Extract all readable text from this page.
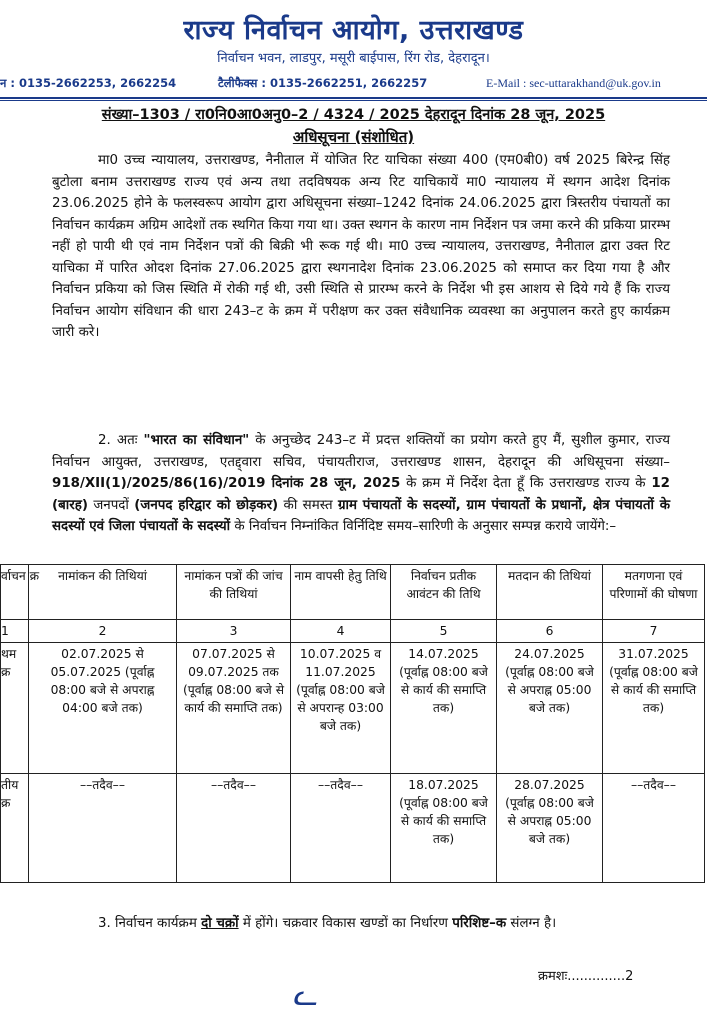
राज्य निर्वाचन आयोग, उत्तराखण्ड
निर्वाचन भवन, लाडपुर, मसूरी बाईपास, रिंग रोड, देहरादून।
न : 0135-2662253, 2662254	टैलीफैक्स : 0135-2662251, 2662257	E-Mail : sec-uttarakhand@uk.gov.in
संख्या–1303 / रा0नि0आ0अनु0–2 / 4324 / 2025 देहरादून दिनांक 28 जून, 2025
अधिसूचना (संशोधित)
मा0 उच्च न्यायालय, उत्तराखण्ड, नैनीताल में योजित रिट याचिका संख्या 400 (एम0बी0) वर्ष 2025 बिरेन्द्र सिंह बुटोला बनाम उत्तराखण्ड राज्य एवं अन्य तथा तदविषयक अन्य रिट याचिकायें मा0 न्यायालय में स्थगन आदेश दिनांक 23.06.2025 होने के फलस्वरूप आयोग द्वारा अधिसूचना संख्या–1242 दिनांक 24.06.2025 द्वारा त्रिस्तरीय पंचायतों का निर्वाचन कार्यक्रम अग्रिम आदेशों तक स्थगित किया गया था। उक्त स्थगन के कारण नाम निर्देशन पत्र जमा करने की प्रकिया प्रारम्भ नहीं हो पायी थी एवं नाम निर्देशन पत्रों की बिक्री भी रूक गई थी। मा0 उच्च न्यायालय, उत्तराखण्ड, नैनीताल द्वारा उक्त रिट याचिका में पारित ओदश दिनांक 27.06.2025 द्वारा स्थगनादेश दिनांक 23.06.2025 को समाप्त कर दिया गया है और निर्वाचन प्रकिया को जिस स्थिति में रोकी गई थी, उसी स्थिति से प्रारम्भ करने के निर्देश भी इस आशय से दिये गये हैं कि राज्य निर्वाचन आयोग संविधान की धारा 243–ट के क्रम में परीक्षण कर उक्त संवैधानिक व्यवस्था का अनुपालन करते हुए कार्यक्रम जारी करे।
2. अतः "भारत का संविधान" के अनुच्छेद 243–ट में प्रदत्त शक्तियों का प्रयोग करते हुए मैं, सुशील कुमार, राज्य निर्वाचन आयुक्त, उत्तराखण्ड, एतद्द्वारा सचिव, पंचायतीराज, उत्तराखण्ड शासन, देहरादून की अधिसूचना संख्या–918/XII(1)/2025/86(16)/2019 दिनांक 28 जून, 2025 के क्रम में निर्देश देता हूँ कि उत्तराखण्ड राज्य के 12 (बारह) जनपदों (जनपद हरिद्वार को छोड़कर) की समस्त ग्राम पंचायतों के सदस्यों, ग्राम पंचायतों के प्रधानों, क्षेत्र पंचायतों के सदस्यों एवं जिला पंचायतों के सदस्यों के निर्वाचन निम्नांकित विर्निदिष्ट समय–सारिणी के अनुसार सम्पन्न कराये जायेंगे:–
र्वाचन क्र	नामांकन की तिथियां	नामांकन पत्रों की जांच की तिथियां	नाम वापसी हेतु तिथि	निर्वाचन प्रतीक आवंटन की तिथि	मतदान की तिथियां	मतगणना एवं परिणामों की घोषणा
1	2	3	4	5	6	7
थम क्र	02.07.2025 से 05.07.2025 (पूर्वाह्न 08:00 बजे से अपराह्न 04:00 बजे तक)	07.07.2025 से 09.07.2025 तक (पूर्वाह्न 08:00 बजे से कार्य की समाप्ति तक)	10.07.2025 व 11.07.2025 (पूर्वाह्न 08:00 बजे से अपरान्ह 03:00 बजे तक)	14.07.2025 (पूर्वाह्न 08:00 बजे से कार्य की समाप्ति तक)	24.07.2025 (पूर्वाह्न 08:00 बजे से अपराह्न 05:00 बजे तक)	31.07.2025 (पूर्वाह्न 08:00 बजे से कार्य की समाप्ति तक)
तीय क्र	––तदैव––	––तदैव––	––तदैव––	18.07.2025 (पूर्वाह्न 08:00 बजे से कार्य की समाप्ति तक)	28.07.2025 (पूर्वाह्न 08:00 बजे से अपराह्न 05:00 बजे तक)	––तदैव––
3. निर्वाचन कार्यक्रम दो चक्रों में होंगे। चक्रवार विकास खण्डों का निर्धारण परिशिष्ट–क संलग्न है।
क्रमशः..............2
ᓚ
